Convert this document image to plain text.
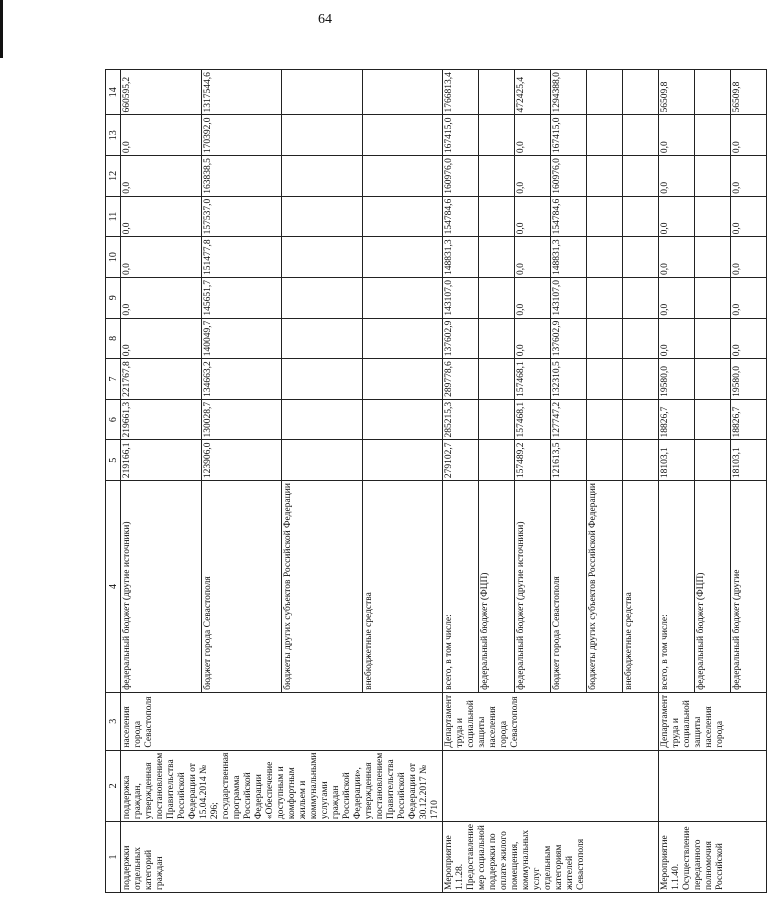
64
1	2	3	4	5	6	7	8	9	10	11	12	13	14
поддержки отдельных категорий граждан	поддержка граждан, утвержденная постановлением Правительства Российской Федерации от 15.04.2014 № 296; государственная программа Российской Федерации «Обеспечение доступным и комфортным жильем и коммунальными услугами граждан Российской Федерации», утвержденная постановлением Правительства Российской Федерации от 30.12.2017 № 1710	населения города Севастополя	федеральный бюджет (другие источники)	219166,1	219661,3	221767,8	0,0	0,0	0,0	0,0	0,0	0,0	660595,2

			бюджет города Севастополя	123906,0	130028,7	134663,2	140049,7	145651,7	151477,8	157537,0	163838,5	170392,0	1317544,6

			бюджеты других субъектов Российской Федерации										

			внебюджетные средства										

Мероприятие 1.1.28. Предоставление мер социальной поддержки по оплате жилого помещения, коммунальных услуг отдельным категориям жителей Севастополя		Департамент труда и социальной защиты населения города Севастополя	всего, в том числе:	279102,7	285215,3	289778,6	137602,9	143107,0	148831,3	154784,6	160976,0	167415,0	1766813,4

			федеральный бюджет (ФЦП)										

			федеральный бюджет (другие источники)	157489,2	157468,1	157468,1	0,0	0,0	0,0	0,0	0,0	0,0	472425,4

			бюджет города Севастополя	121613,5	127747,2	132310,5	137602,9	143107,0	148831,3	154784,6	160976,0	167415,0	1294388,0

			бюджеты других субъектов Российской Федерации										

			внебюджетные средства										

Мероприятие 1.1.40. Осуществление переданного полномочия Российской		Департамент труда и социальной защиты населения города	всего, в том числе:	18103,1	18826,7	19580,0	0,0	0,0	0,0	0,0	0,0	0,0	56509,8

			федеральный бюджет (ФЦП)										

			федеральный бюджет (другие	18103,1	18826,7	19580,0	0,0	0,0	0,0	0,0	0,0	0,0	56509,8
